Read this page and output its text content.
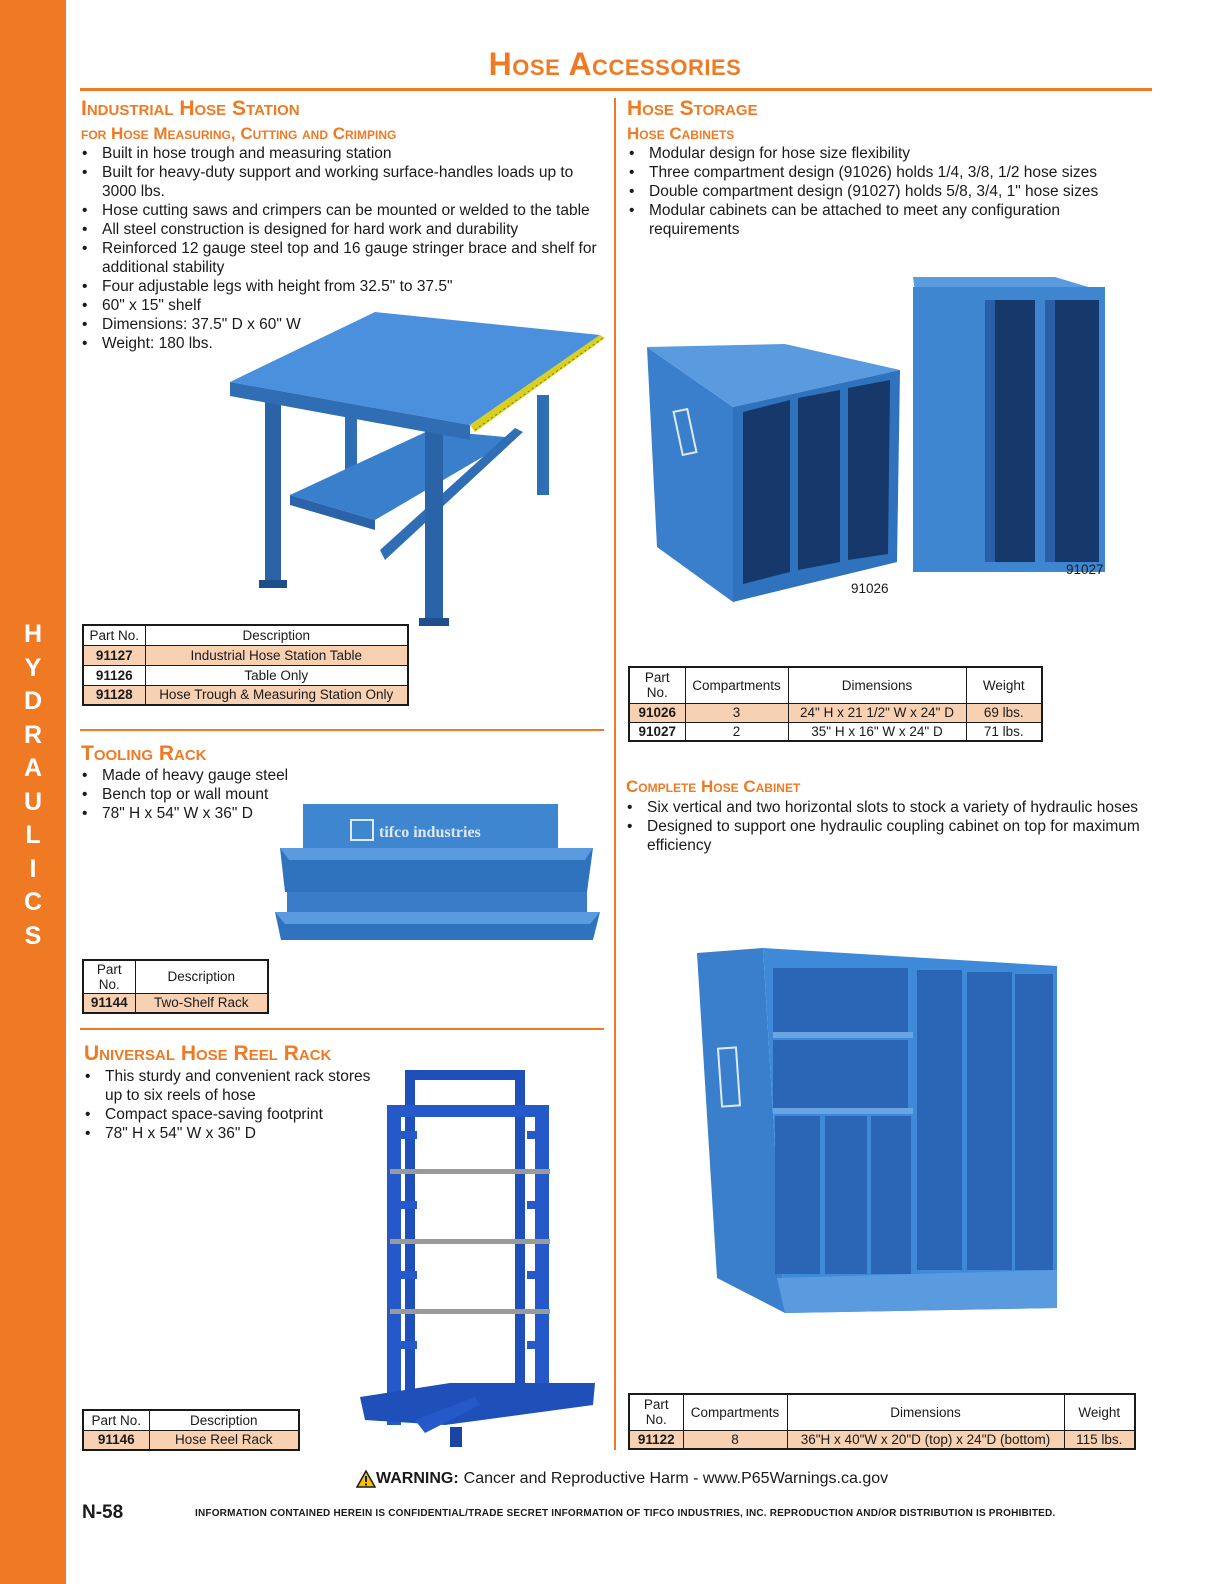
H
Y
D
R
A
U
L
I
C
S
Hose Accessories
Industrial Hose Station
for Hose Measuring, Cutting and Crimping
• Built in hose trough and measuring station
• Built for heavy-duty support and working surface-handles loads up to 3000 lbs.
• Hose cutting saws and crimpers can be mounted or welded to the table
• All steel construction is designed for hard work and durability
• Reinforced 12 gauge steel top and 16 gauge stringer brace and shelf for additional stability
• Four adjustable legs with height from 32.5" to 37.5"
• 60" x 15" shelf
• Dimensions: 37.5" D x 60" W
• Weight: 180 lbs.
Part No.	Description
91127	Industrial Hose Station Table
91126	Table Only
91128	Hose Trough & Measuring Station Only
Tooling Rack
• Made of heavy gauge steel
• Bench top or wall mount
• 78" H x 54" W x 36" D
tifco industries
Part No.	Description
91144	Two-Shelf Rack
Universal Hose Reel Rack
• This sturdy and convenient rack stores up to six reels of hose
• Compact space-saving footprint
• 78" H x 54" W x 36" D
Part No.	Description
91146	Hose Reel Rack
Hose Storage
Hose Cabinets
• Modular design for hose size flexibility
• Three compartment design (91026) holds 1/4, 3/8, 1/2 hose sizes
• Double compartment design (91027) holds 5/8, 3/4, 1" hose sizes
• Modular cabinets can be attached to meet any configuration requirements
91026
91027
Part No.	Compartments	Dimensions	Weight
91026	3	24" H x 21 1/2" W x 24" D	69 lbs.
91027	2	35" H x 16" W x 24" D	71 lbs.
Complete Hose Cabinet
• Six vertical and two horizontal slots to stock a variety of hydraulic hoses
• Designed to support one hydraulic coupling cabinet on top for maximum efficiency
Part No.	Compartments	Dimensions	Weight
91122	8	36"H x 40"W x 20"D (top) x 24"D (bottom)	115 lbs.
WARNING: Cancer and Reproductive Harm - www.P65Warnings.ca.gov
N-58	INFORMATION CONTAINED HEREIN IS CONFIDENTIAL/TRADE SECRET INFORMATION OF TIFCO INDUSTRIES, INC. REPRODUCTION AND/OR DISTRIBUTION IS PROHIBITED.
